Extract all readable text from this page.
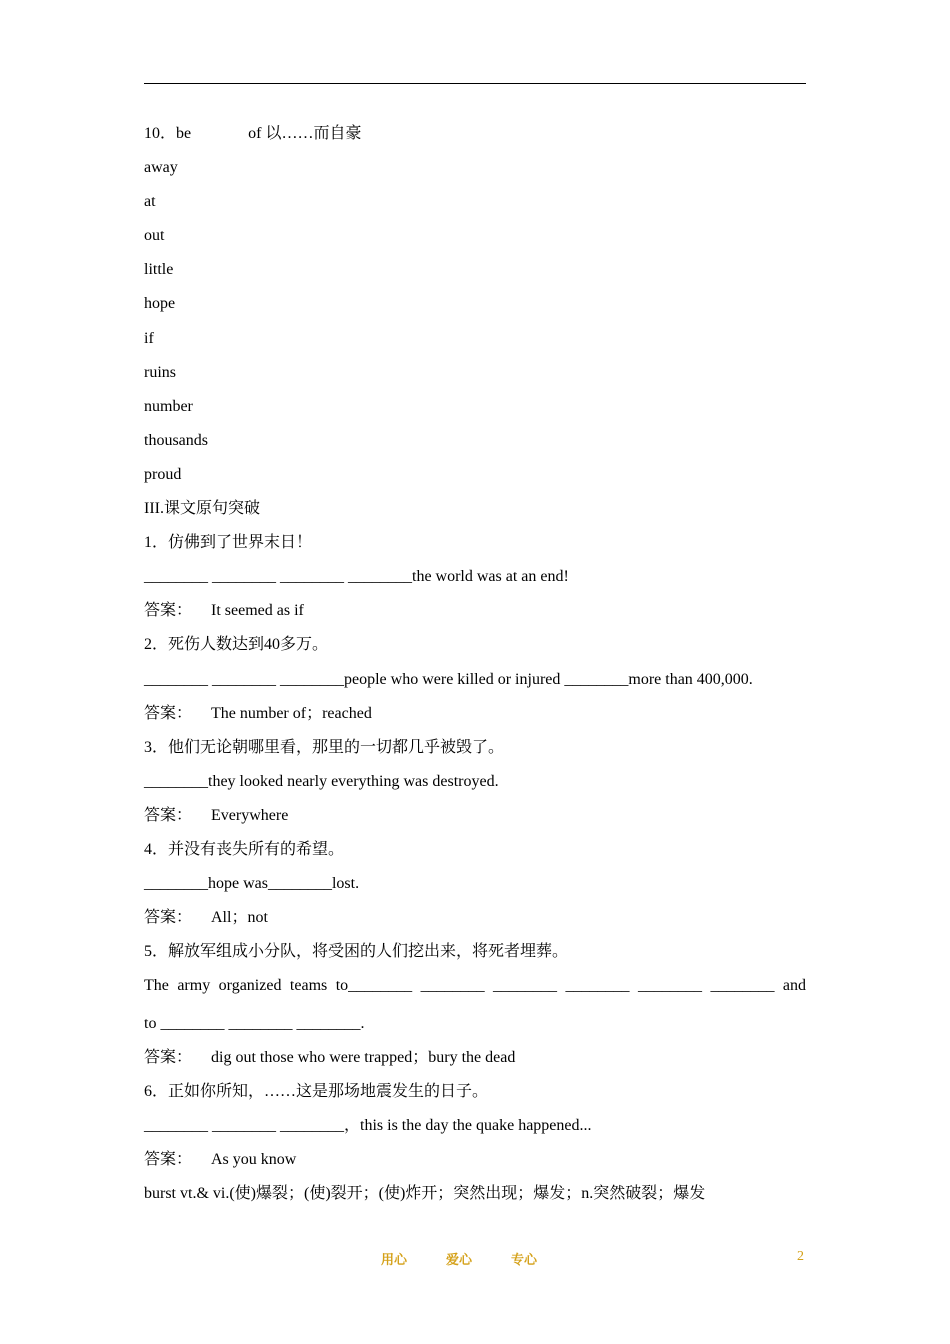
10．be	of 以……而自豪
away
at
out
little
hope
if
ruins
number
thousands
proud
III.课文原句突破
1．仿佛到了世界末日！
________ ________ ________ ________the world was at an end!
答案： It seemed as if
2．死伤人数达到40多万。
________ ________ ________people who were killed or injured ________more than 400,000.
答案： The number of；reached
3．他们无论朝哪里看，那里的一切都几乎被毁了。
________they looked nearly everything was destroyed.
答案： Everywhere
4．并没有丧失所有的希望。
________hope was________lost.
答案： All；not
5．解放军组成小分队，将受困的人们挖出来，将死者埋葬。
The army organized teams to________ ________ ________ ________ ________ ________ and
to ________ ________ ________.
答案： dig out those who were trapped；bury the dead
6．正如你所知，……这是那场地震发生的日子。
________ ________ ________，this is the day the quake happened...
答案： As you know
burst vt.& vi.(使)爆裂；(使)裂开；(使)炸开；突然出现；爆发；n.突然破裂；爆发
用心	爱心	专心	2
